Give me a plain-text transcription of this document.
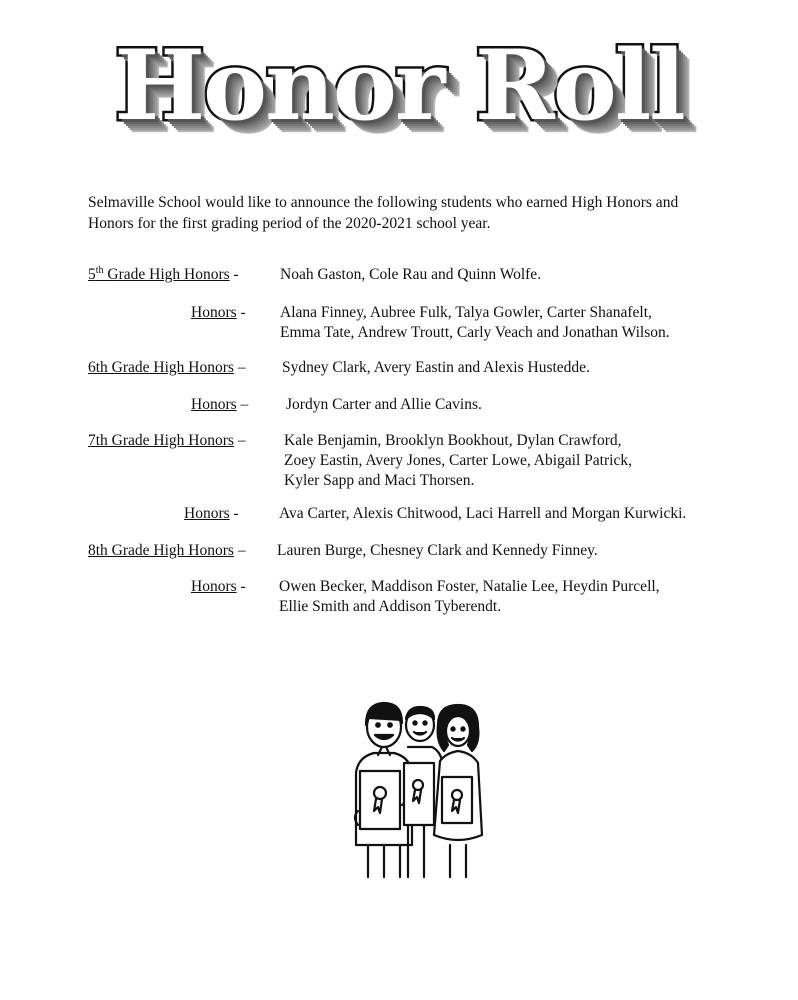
Honor Roll
Selmaville School would like to announce the following students who earned High Honors and Honors for the first grading period of the 2020-2021 school year.
5th Grade High Honors -	Noah Gaston, Cole Rau and Quinn Wolfe.
Honors - Alana Finney, Aubree Fulk, Talya Gowler, Carter Shanafelt,
Emma Tate, Andrew Troutt, Carly Veach and Jonathan Wilson.
6th Grade High Honors – Sydney Clark, Avery Eastin and Alexis Hustedde.
Honors – Jordyn Carter and Allie Cavins.
7th Grade High Honors – Kale Benjamin, Brooklyn Bookhout, Dylan Crawford,
Zoey Eastin, Avery Jones, Carter Lowe, Abigail Patrick,
Kyler Sapp and Maci Thorsen.
Honors -	Ava Carter, Alexis Chitwood, Laci Harrell and Morgan Kurwicki.
8th Grade High Honors – Lauren Burge, Chesney Clark and Kennedy Finney.
Honors - Owen Becker, Maddison Foster, Natalie Lee, Heydin Purcell,
Ellie Smith and Addison Tyberendt.
